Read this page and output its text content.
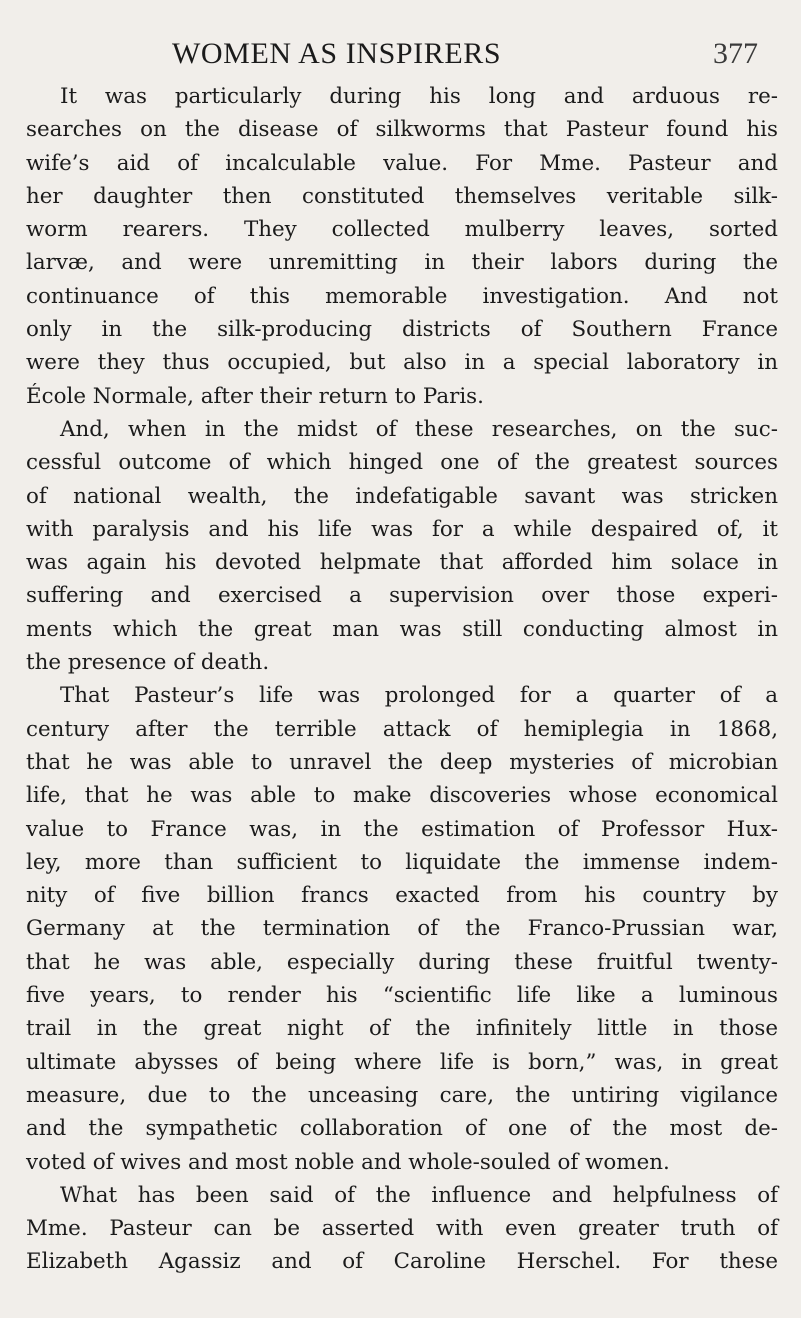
WOMEN AS INSPIRERS	377
It was particularly during his long and arduous re-
searches on the disease of silkworms that Pasteur found his
wife’s aid of incalculable value. For Mme. Pasteur and
her daughter then constituted themselves veritable silk-
worm rearers. They collected mulberry leaves, sorted
larvæ, and were unremitting in their labors during the
continuance of this memorable investigation. And not
only in the silk-producing districts of Southern France
were they thus occupied, but also in a special laboratory in
École Normale, after their return to Paris.
And, when in the midst of these researches, on the suc-
cessful outcome of which hinged one of the greatest sources
of national wealth, the indefatigable savant was stricken
with paralysis and his life was for a while despaired of, it
was again his devoted helpmate that afforded him solace in
suffering and exercised a supervision over those experi-
ments which the great man was still conducting almost in
the presence of death.
That Pasteur’s life was prolonged for a quarter of a
century after the terrible attack of hemiplegia in 1868,
that he was able to unravel the deep mysteries of microbian
life, that he was able to make discoveries whose economical
value to France was, in the estimation of Professor Hux-
ley, more than sufficient to liquidate the immense indem-
nity of five billion francs exacted from his country by
Germany at the termination of the Franco-Prussian war,
that he was able, especially during these fruitful twenty-
five years, to render his “scientific life like a luminous
trail in the great night of the infinitely little in those
ultimate abysses of being where life is born,” was, in great
measure, due to the unceasing care, the untiring vigilance
and the sympathetic collaboration of one of the most de-
voted of wives and most noble and whole-souled of women.
What has been said of the influence and helpfulness of
Mme. Pasteur can be asserted with even greater truth of
Elizabeth Agassiz and of Caroline Herschel. For these
